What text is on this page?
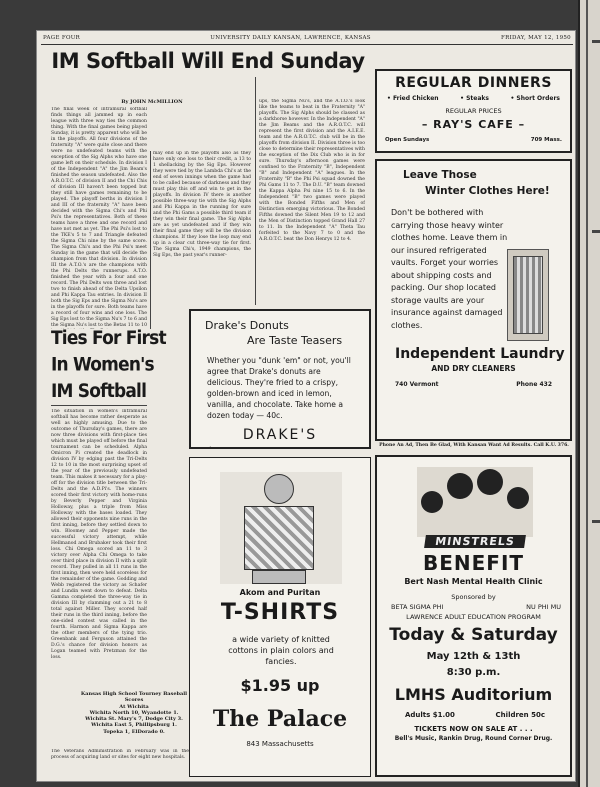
PAGE FOUR	UNIVERSITY DAILY KANSAN, LAWRENCE, KANSAS	FRIDAY, MAY 12, 1950
IM Softball Will End Sunday
By JOHN McMILLION
The final week of intramural softball finds things all jammed up in each league with three way ties the common thing. With the final games being played Sunday, it is pretty apparent who will be in the playoffs. All four divisions of the fraternity "A" were quite close and there were no undefeated teams with the exception of the Sig Alphs who have one game left on their schedule. In division I of the Independent "A" the Jim Beam's finished the season undefeated. Also the A.R.O.T.C. of division II and the Chi Chis of division III haven't been topped but they still have games remaining to be played. The playoff berths in division I and III of the fraternity "A" have been decided with the Sigma Chi's and Phi Psi's the representatives. Both of these teams have a three and one record and have not met as yet. The Phi Psi's lost to the TKE's 5 to 7 and Triangle defeated the Sigma Chi nine by the same score. The Sigma Chi's and the Phi Psi's meet Sunday in the game that will decide the champion from that division. In division III the A.T.O.'s are the champions with the Phi Delts the runnerups. A.T.O. finished the year with a four and one record. The Phi Delts won three and lost two to finish ahead of the Delta Upsilon and Phi Kappa Tau entries. In division II both the Sig Eps and the Sigma Nu's are in the playoffs for sure. Both teams have a record of four wins and one loss. The Sig Eps lost to the Sigma Nu's 7 to 6 and the Sigma Nu's lost to the Betas 11 to 10
may end up in the playoffs also as they have only one loss to their credit, a 13 to 1 shellacking by the Sig Eps. However they were tied by the Lambda Chi's at the end of seven innings when the game had to be called because of darkness and they must play this off and win to get in the playoffs. In division IV there is another possible three-way tie with the Sig Alphs and Phi Kappa in the running for sure and the Phi Gams a possible third team if they win their final game. The Sig Alphs are as yet undefeated and if they win their final game they will be the division champions. If they lose the loop may end up in a clear cut three-way tie for first. The Sigma Chi's, 1949 champions, the Sig Eps, the past year's runner-
ups, the Sigma Nu's, and the A.T.O.'s look like the teams to beat in the Fraternity "A" playoffs. The Sig Alphs should be classed as a darkhorse however. In the Independent "A" the Jim Beams and the A.R.O.T.C. will represent the first division and the A.I.E.E. team and the A.R.O.T.C. club will be in the playoffs from division II. Division three is too close to determine their representatives with the exception of the Dix Club who is in for sure. Thursday's afternoon games were confined to the Fraternity "B", Independent "B" and Independent "A" leagues. In the Fraternity "B" the Phi Psi squad downed the Phi Gams 11 to 7. The D.U. "B" team downed the Kappa Alpha Psi nine 15 to 6. In the Independent "B" two games were played with the Bonded Fifths and Men of Distinction emerging victorious. The Bonded Fifths downed the Silent Men 19 to 12 and the Men of Distinction topped Grand Hall 27 to 11. In the Independent "A" Theta Tau forfeited to the Navy 7 to 0 and the A.R.O.T.C. beat the Don Henrys 12 to 4.
Ties For First In Women's IM Softball
The situation in women's intramural softball has become rather desperate as well as highly amusing. Due to the outcome of Thursday's games, there are now three divisions with first-place ties which must be played off before the final tournament can be scheduled. Alpha Omicron Pi created the deadlock in division IV by edging past the Tri-Delts 12 to 10 in the most surprising upset of the year of the previously undefeated team. This makes it necessary for a play-off for the division title between the Tri-Delts and the A.D.Pi's. The winners scored their first victory with home-runs by Beverly Pepper and Virginia Holloway, plus a triple from Miss Holloway with the bases loaded. They allowed their opponents nine runs in the first inning, before they settled down to win. Bloomey and Pepper made the successful victory attempt, while Hellmanod and Brubaker took their first loss. Chi Omega scored an 11 to 3 victory over Alpha Chi Omega to take over third place in division II with a split record. They pulled in all 11 runs in the first inning, then were held scoreless for the remainder of the game. Godding and Webb registered the victory as Schafer and Lundin went down to defeat. Delta Gamma completed the three-way tie in division III by clamming out a 21 to 8 total against Miller. They scored half their runs in the third inning, before the one-sided contest was called in the fourth. Harmon and Sigma Kappa are the other members of the tying trio. Greenbank and Ferguson attained the D.G.'s chance for division honors as Logan teamed with Pretzman for the loss.
Kansas High School Tourney Baseball Scores
At Wichita
Wichita North 10, Wyandotte 1.
Wichita St. Mary's 7, Dodge City 3.
Wichita East 5, Phillipsburg 1.
Topeka 1, ElDorado 0.
The Veterans Administration in February was in the process of acquiring land or sites for eight new hospitals.
REGULAR DINNERS
• Fried Chicken	• Steaks	• Short Orders
REGULAR PRICES
– RAY'S CAFE –
Open Sundays	709 Mass.
Leave Those
Winter Clothes Here!
Don't be bothered with carrying those heavy winter clothes home. Leave them in our insured refrigerated vaults. Forget your worries about shipping costs and packing. Our shop located storage vaults are your insurance against damaged clothes.
Independent Laundry
AND DRY CLEANERS
740 Vermont	Phone 432
Phone An Ad, Then Be Glad, With Kansan Want Ad Results. Call K.U. 376.
Drake's Donuts
Are Taste Teasers
Whether you "dunk 'em" or not, you'll agree that Drake's donuts are delicious. They're fried to a crispy, golden-brown and iced in lemon, vanilla, and chocolate. Take home a dozen today — 40c.
DRAKE'S
Akom and Puritan
T-SHIRTS
a wide variety of knitted cottons in plain colors and fancies.
$1.95 up
The Palace
843 Massachusetts
MINSTRELS
BENEFIT
Bert Nash Mental Health Clinic
Sponsored by
BETA SIGMA PHI	NU PHI MU
LAWRENCE ADULT EDUCATION PROGRAM
Today & Saturday
May 12th & 13th
8:30 p.m.
LMHS Auditorium
Adults $1.00	Children 50c
TICKETS NOW ON SALE AT . . .
Bell's Music, Rankin Drug, Round Corner Drug.
